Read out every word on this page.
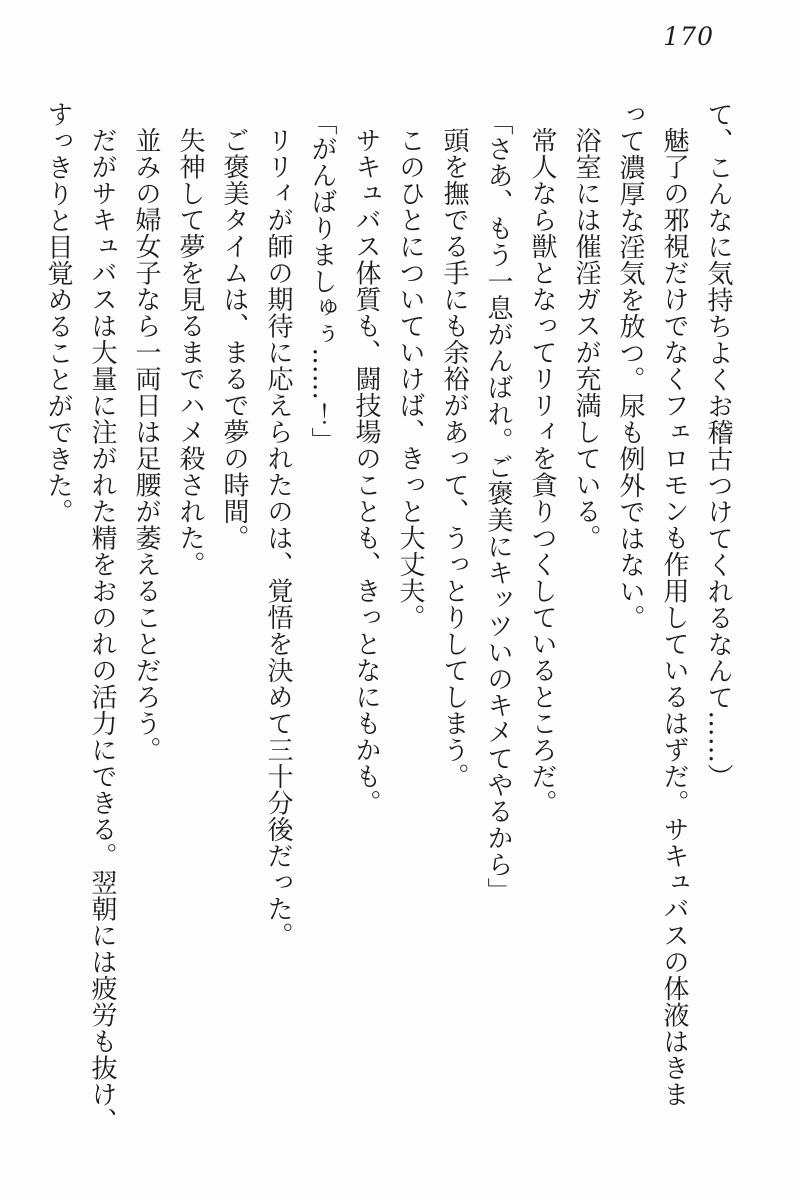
170

て、こんなに気持ちよくお稽古つけてくれるなんて……）

魅了の邪視だけでなくフェロモンも作用しているはずだ。サキュバスの体液はきま

って濃厚な淫気を放つ。尿も例外ではない。

浴室には催淫ガスが充満している。

常人なら獣となってリリィを貪りつくしているところだ。

「さあ、もう一息がんばれ。ご褒美にキッツいのキメてやるから」

頭を撫でる手にも余裕があって、うっとりしてしまう。

このひとについていけば、きっと大丈夫。

サキュバス体質も、闘技場のことも、きっとなにもかも。

「がんばりましゅぅ……！」

リリィが師の期待に応えられたのは、覚悟を決めて三十分後だった。

ご褒美タイムは、まるで夢の時間。

失神して夢を見るまでハメ殺された。

並みの婦女子なら一両日は足腰が萎えることだろう。

だがサキュバスは大量に注がれた精をおのれの活力にできる。翌朝には疲労も抜け、

すっきりと目覚めることができた。
